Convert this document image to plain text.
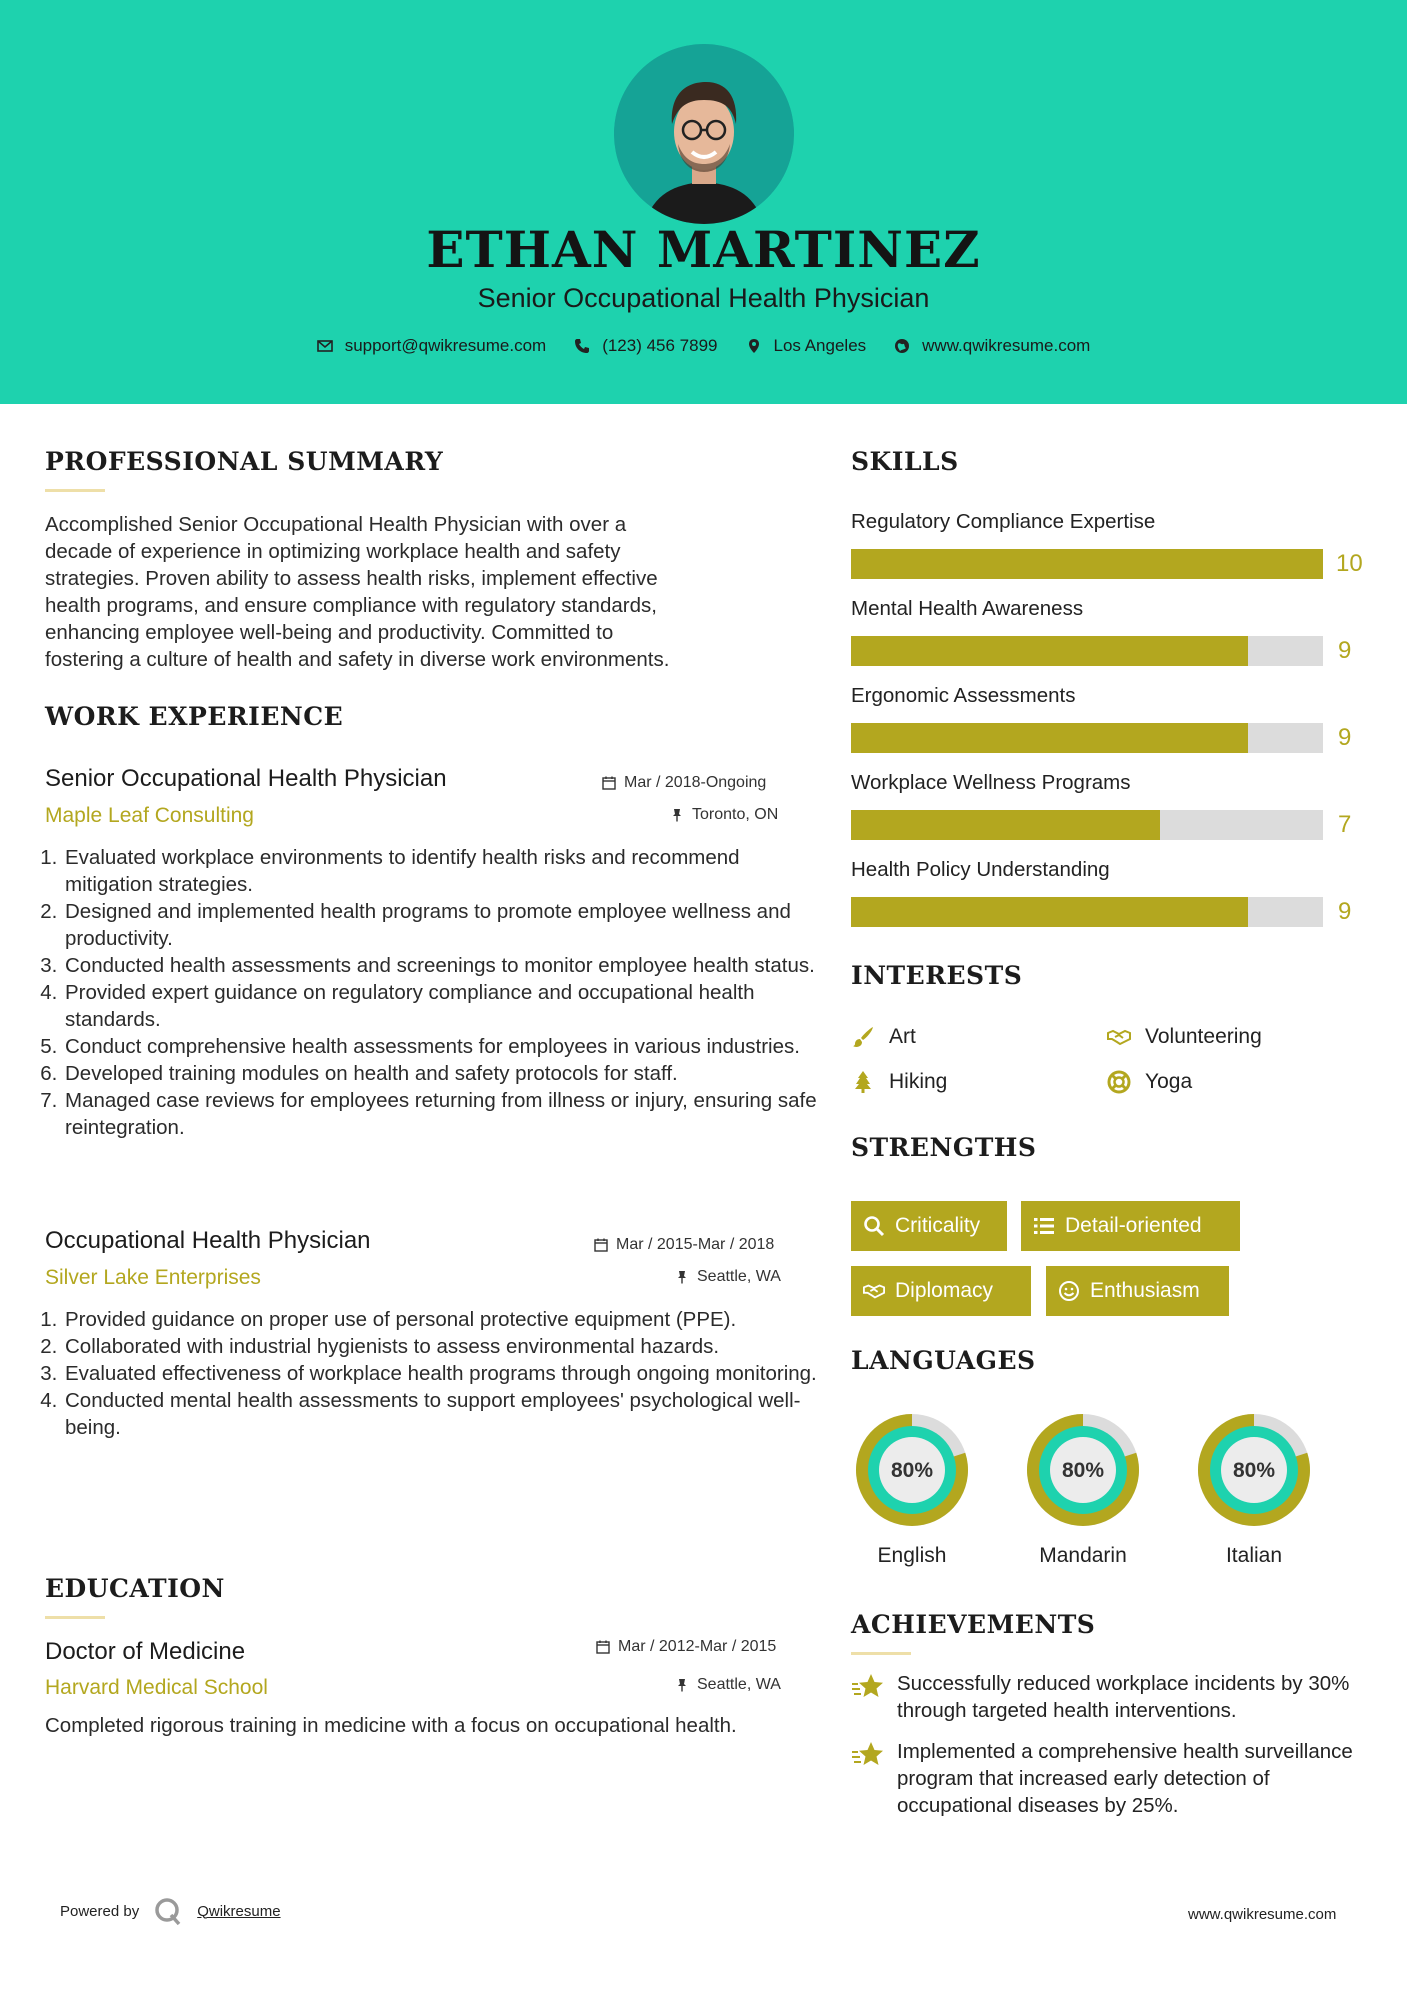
ETHAN MARTINEZ
Senior Occupational Health Physician
support@qwikresume.com	(123) 456 7899	Los Angeles	www.qwikresume.com
PROFESSIONAL SUMMARY
Accomplished Senior Occupational Health Physician with over a
decade of experience in optimizing workplace health and safety
strategies. Proven ability to assess health risks, implement effective
health programs, and ensure compliance with regulatory standards,
enhancing employee well-being and productivity. Committed to
fostering a culture of health and safety in diverse work environments.
WORK EXPERIENCE
Senior Occupational Health Physician	Mar / 2018-Ongoing
Maple Leaf Consulting	Toronto, ON
1. Evaluated workplace environments to identify health risks and recommend mitigation strategies.
2. Designed and implemented health programs to promote employee wellness and productivity.
3. Conducted health assessments and screenings to monitor employee health status.
4. Provided expert guidance on regulatory compliance and occupational health standards.
5. Conduct comprehensive health assessments for employees in various industries.
6. Developed training modules on health and safety protocols for staff.
7. Managed case reviews for employees returning from illness or injury, ensuring safe reintegration.
Occupational Health Physician	Mar / 2015-Mar / 2018
Silver Lake Enterprises	Seattle, WA
1. Provided guidance on proper use of personal protective equipment (PPE).
2. Collaborated with industrial hygienists to assess environmental hazards.
3. Evaluated effectiveness of workplace health programs through ongoing monitoring.
4. Conducted mental health assessments to support employees' psychological well-being.
EDUCATION
Doctor of Medicine	Mar / 2012-Mar / 2015
Harvard Medical School	Seattle, WA
Completed rigorous training in medicine with a focus on occupational health.
SKILLS
Regulatory Compliance Expertise
10
Mental Health Awareness
9
Ergonomic Assessments
9
Workplace Wellness Programs
7
Health Policy Understanding
9
INTERESTS
Art	Volunteering
Hiking	Yoga
STRENGTHS
Criticality	Detail-oriented
Diplomacy	Enthusiasm
LANGUAGES
80%
English
80%
Mandarin
80%
Italian
ACHIEVEMENTS
Successfully reduced workplace incidents by 30% through targeted health interventions.
Implemented a comprehensive health surveillance program that increased early detection of occupational diseases by 25%.
Powered by	Qwikresume	www.qwikresume.com
